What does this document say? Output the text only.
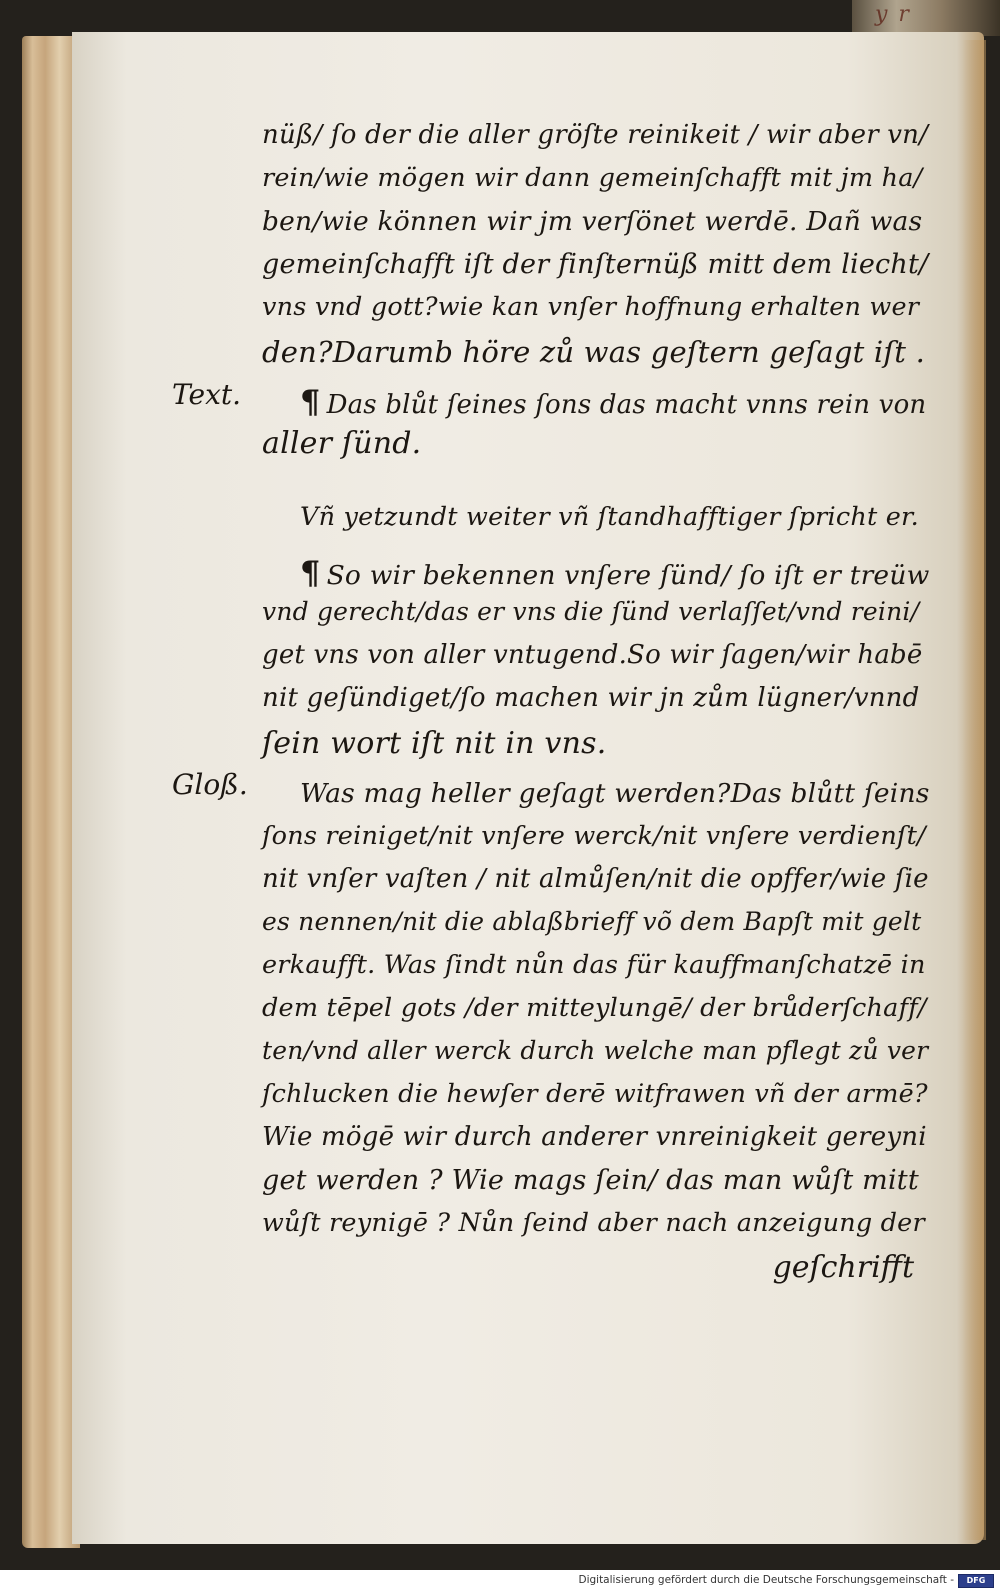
y r
nüß/ ſo der die aller gröſte reinikeit / wir aber vn/
rein/wie mögen wir dann gemeinſchafft mit jm ha/
ben/wie können wir jm verſönet werdē. Dañ was
gemeinſchafft iſt der finſternüß mitt dem liecht/
vns vnd gott?wie kan vnſer hoffnung erhalten wer
den?Darumb höre zů was geſtern geſagt iſt .
Text. ¶ Das blůt ſeines ſons das macht vnns rein von
aller ſünd.
Vñ yetzundt weiter vñ ſtandhafftiger ſpricht er.
¶ So wir bekennen vnſere ſünd/ ſo iſt er treüw
vnd gerecht/das er vns die ſünd verlaſſet/vnd reini/
get vns von aller vntugend.So wir ſagen/wir habē
nit geſündiget/ſo machen wir jn zům lügner/vnnd
ſein wort iſt nit in vns.
Gloß. Was mag heller geſagt werden?Das blůtt ſeins
ſons reiniget/nit vnſere werck/nit vnſere verdienſt/
nit vnſer vaſten / nit almůſen/nit die opffer/wie ſie
es nennen/nit die ablaßbrieff võ dem Bapſt mit gelt
erkaufft. Was ſindt nůn das für kauffmanſchatzē in
dem tēpel gots /der mitteylungē/ der brůderſchaff/
ten/vnd aller werck durch welche man pflegt zů ver
ſchlucken die hewſer derē witfrawen vñ der armē?
Wie mögē wir durch anderer vnreinigkeit gereyni
get werden ? Wie mags ſein/ das man wůſt mitt
wůſt reynigē ? Nůn ſeind aber nach anzeigung der
geſchrifft
Digitalisierung gefördert durch die Deutsche Forschungsgemeinschaft -	DFG
